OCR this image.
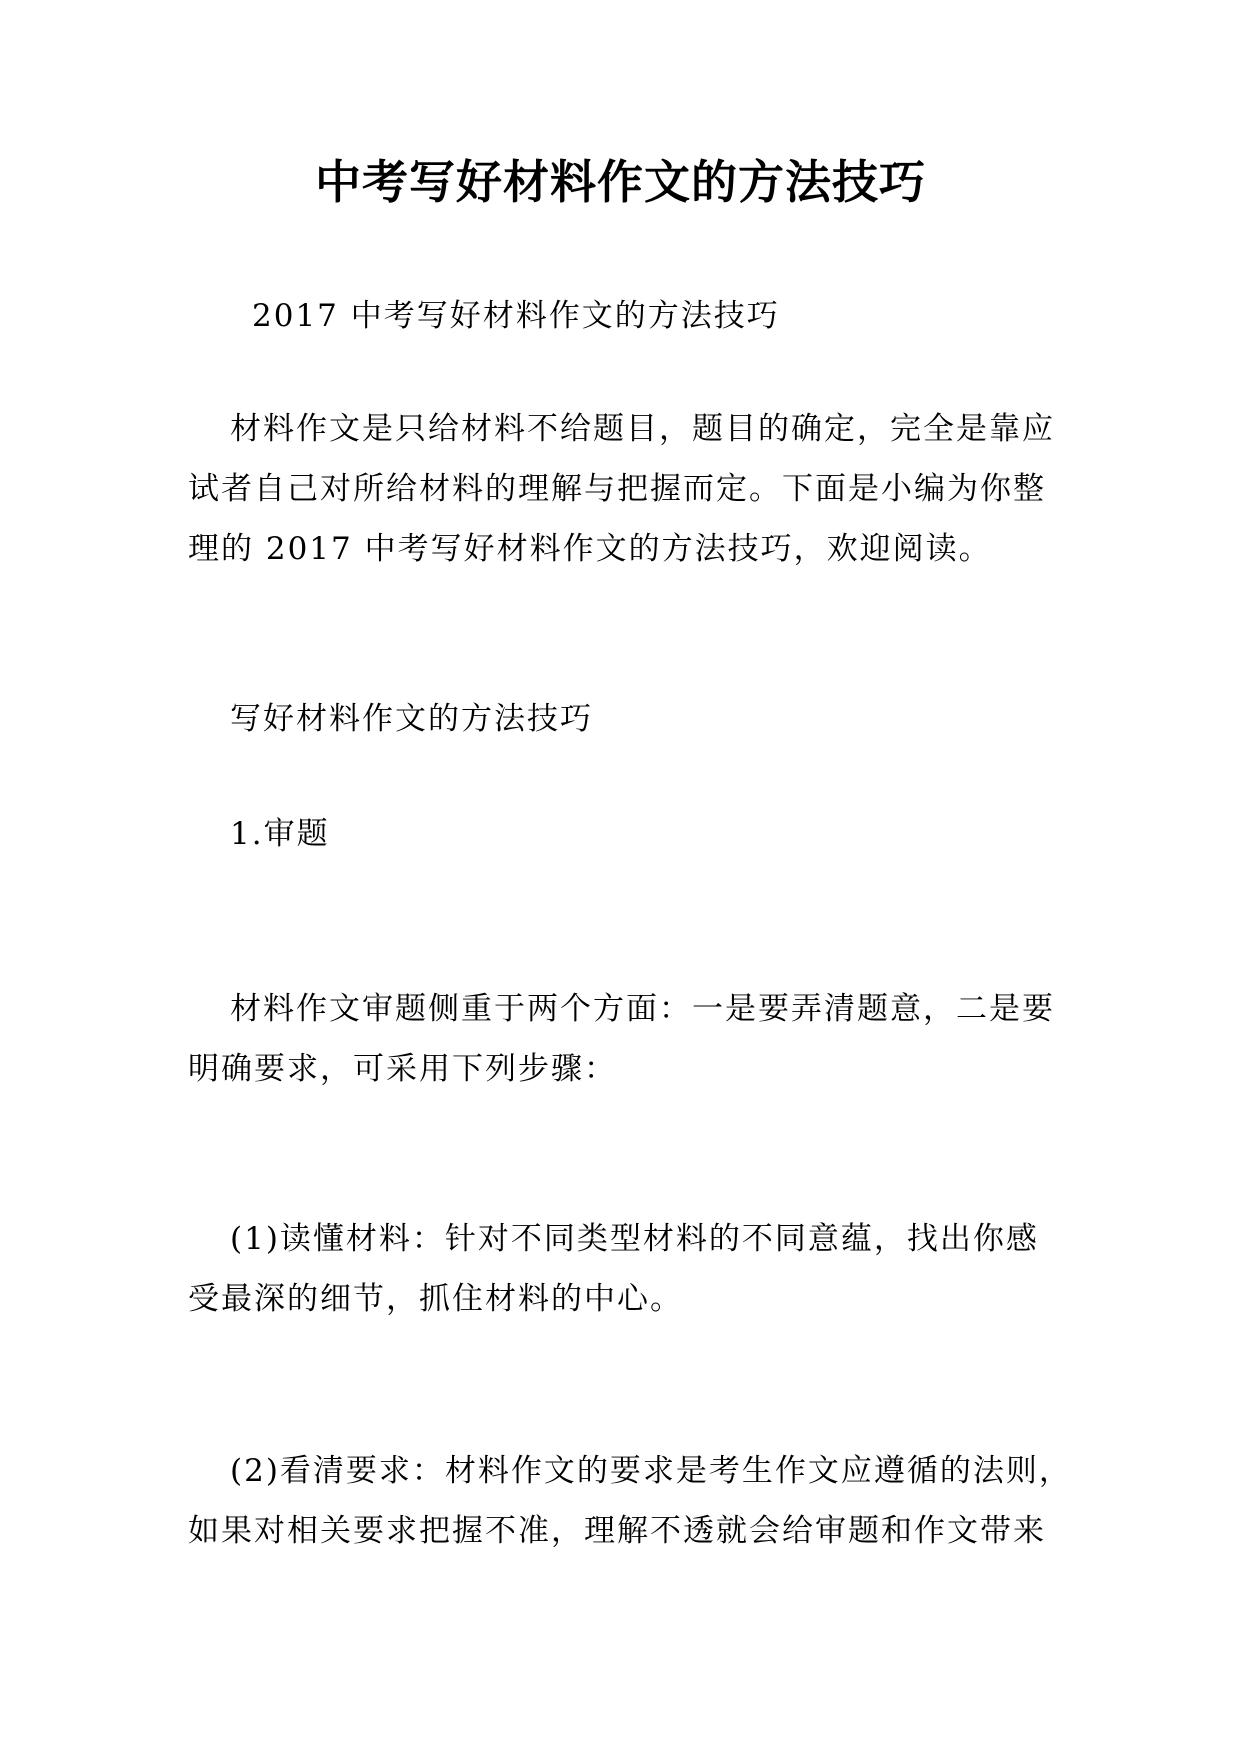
中考写好材料作文的方法技巧
2017 中考写好材料作文的方法技巧
材料作文是只给材料不给题目，题目的确定，完全是靠应
试者自己对所给材料的理解与把握而定。下面是小编为你整
理的 2017 中考写好材料作文的方法技巧，欢迎阅读。
写好材料作文的方法技巧
1.审题
材料作文审题侧重于两个方面：一是要弄清题意，二是要
明确要求，可采用下列步骤：
(1)读懂材料：针对不同类型材料的不同意蕴，找出你感
受最深的细节，抓住材料的中心。
(2)看清要求：材料作文的要求是考生作文应遵循的法则，
如果对相关要求把握不准，理解不透就会给审题和作文带来
